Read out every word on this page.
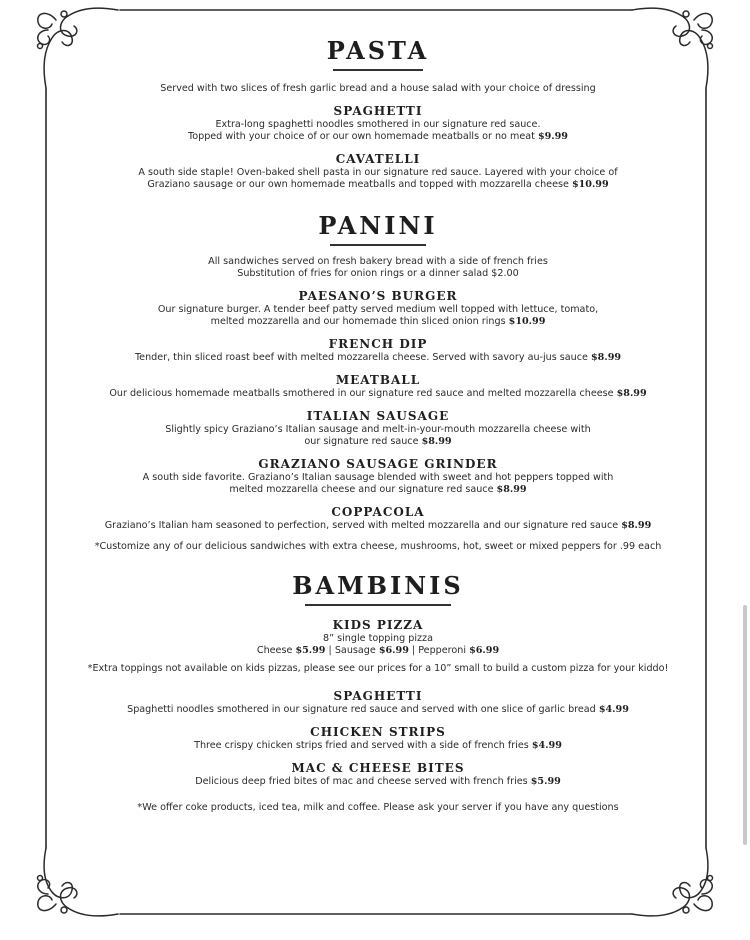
PASTA
Served with two slices of fresh garlic bread and a house salad with your choice of dressing
SPAGHETTI
Extra-long spaghetti noodles smothered in our signature red sauce.
Topped with your choice of or our own homemade meatballs or no meat $9.99
CAVATELLI
A south side staple! Oven-baked shell pasta in our signature red sauce. Layered with your choice of
Graziano sausage or our own homemade meatballs and topped with mozzarella cheese $10.99
PANINI
All sandwiches served on fresh bakery bread with a side of french fries
Substitution of fries for onion rings or a dinner salad $2.00
PAESANO’S BURGER
Our signature burger. A tender beef patty served medium well topped with lettuce, tomato,
melted mozzarella and our homemade thin sliced onion rings $10.99
FRENCH DIP
Tender, thin sliced roast beef with melted mozzarella cheese. Served with savory au-jus sauce $8.99
MEATBALL
Our delicious homemade meatballs smothered in our signature red sauce and melted mozzarella cheese $8.99
ITALIAN SAUSAGE
Slightly spicy Graziano’s Italian sausage and melt-in-your-mouth mozzarella cheese with
our signature red sauce $8.99
GRAZIANO SAUSAGE GRINDER
A south side favorite. Graziano’s Italian sausage blended with sweet and hot peppers topped with
melted mozzarella cheese and our signature red sauce $8.99
COPPACOLA
Graziano’s Italian ham seasoned to perfection, served with melted mozzarella and our signature red sauce $8.99
*Customize any of our delicious sandwiches with extra cheese, mushrooms, hot, sweet or mixed peppers for .99 each
BAMBINIS
KIDS PIZZA
8” single topping pizza
Cheese $5.99 | Sausage $6.99 | Pepperoni $6.99
*Extra toppings not available on kids pizzas, please see our prices for a 10” small to build a custom pizza for your kiddo!
SPAGHETTI
Spaghetti noodles smothered in our signature red sauce and served with one slice of garlic bread $4.99
CHICKEN STRIPS
Three crispy chicken strips fried and served with a side of french fries $4.99
MAC & CHEESE BITES
Delicious deep fried bites of mac and cheese served with french fries $5.99
*We offer coke products, iced tea, milk and coffee. Please ask your server if you have any questions
